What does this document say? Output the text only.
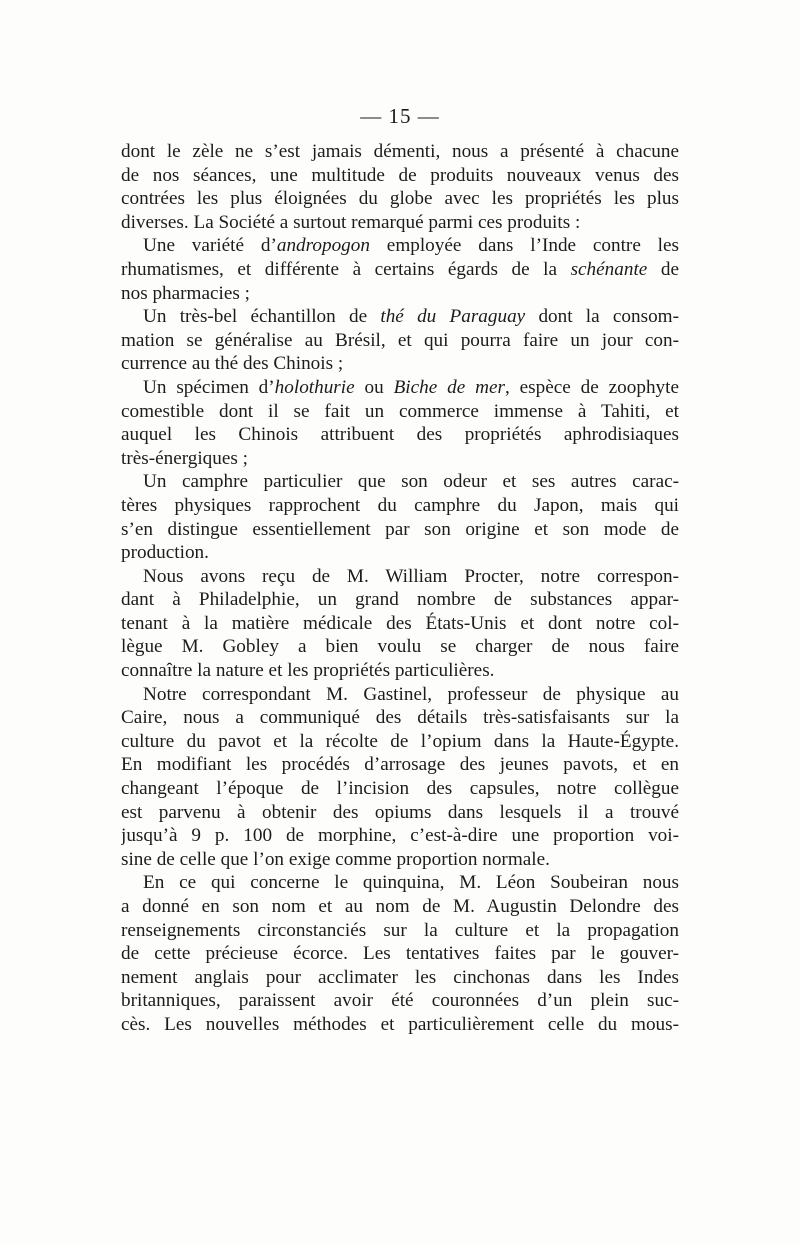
— 15 —
dont le zèle ne s’est jamais démenti, nous a présenté à chacune
de nos séances, une multitude de produits nouveaux venus des
contrées les plus éloignées du globe avec les propriétés les plus
diverses. La Société a surtout remarqué parmi ces produits :
Une variété d’andropogon employée dans l’Inde contre les
rhumatismes, et différente à certains égards de la schénante de
nos pharmacies ;
Un très-bel échantillon de thé du Paraguay dont la consom-
mation se généralise au Brésil, et qui pourra faire un jour con-
currence au thé des Chinois ;
Un spécimen d’holothurie ou Biche de mer, espèce de zoophyte
comestible dont il se fait un commerce immense à Tahiti, et
auquel les Chinois attribuent des propriétés aphrodisiaques
très-énergiques ;
Un camphre particulier que son odeur et ses autres carac-
tères physiques rapprochent du camphre du Japon, mais qui
s’en distingue essentiellement par son origine et son mode de
production.
Nous avons reçu de M. William Procter, notre correspon-
dant à Philadelphie, un grand nombre de substances appar-
tenant à la matière médicale des États-Unis et dont notre col-
lègue M. Gobley a bien voulu se charger de nous faire
connaître la nature et les propriétés particulières.
Notre correspondant M. Gastinel, professeur de physique au
Caire, nous a communiqué des détails très-satisfaisants sur la
culture du pavot et la récolte de l’opium dans la Haute-Égypte.
En modifiant les procédés d’arrosage des jeunes pavots, et en
changeant l’époque de l’incision des capsules, notre collègue
est parvenu à obtenir des opiums dans lesquels il a trouvé
jusqu’à 9 p. 100 de morphine, c’est-à-dire une proportion voi-
sine de celle que l’on exige comme proportion normale.
En ce qui concerne le quinquina, M. Léon Soubeiran nous
a donné en son nom et au nom de M. Augustin Delondre des
renseignements circonstanciés sur la culture et la propagation
de cette précieuse écorce. Les tentatives faites par le gouver-
nement anglais pour acclimater les cinchonas dans les Indes
britanniques, paraissent avoir été couronnées d’un plein suc-
cès. Les nouvelles méthodes et particulièrement celle du mous-
